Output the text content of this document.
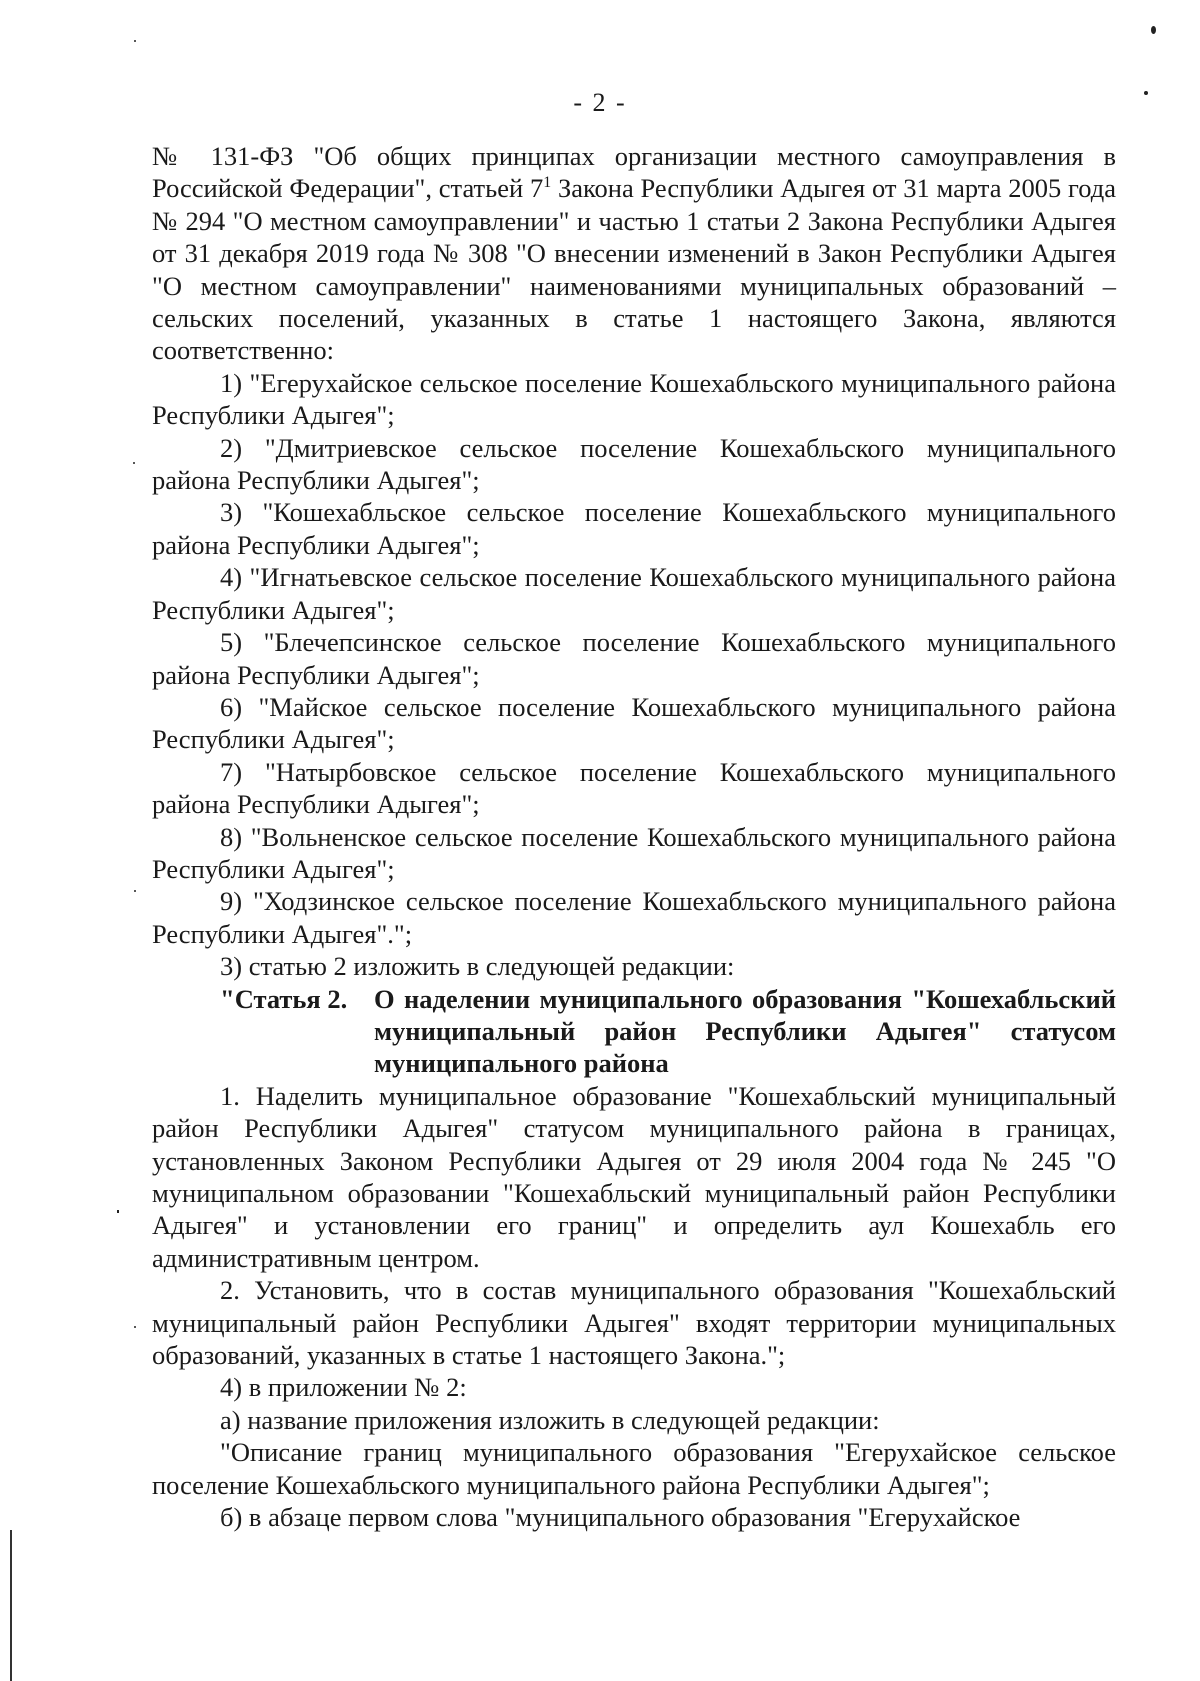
- 2 -

№ 131-ФЗ "Об общих принципах организации местного самоуправления в Российской Федерации", статьей $7^1$ Закона Республики Адыгея от 31 марта 2005 года № 294 "О местном самоуправлении" и частью 1 статьи 2 Закона Республики Адыгея от 31 декабря 2019 года № 308 "О внесении изменений в Закон Республики Адыгея "О местном самоуправлении" наименованиями муниципальных образований – сельских поселений, указанных в статье 1 настоящего Закона, являются соответственно:

1) "Егерухайское сельское поселение Кошехабльского муниципального района Республики Адыгея";

2) "Дмитриевское сельское поселение Кошехабльского муниципального района Республики Адыгея";

3) "Кошехабльское сельское поселение Кошехабльского муниципального района Республики Адыгея";

4) "Игнатьевское сельское поселение Кошехабльского муниципального района Республики Адыгея";

5) "Блечепсинское сельское поселение Кошехабльского муниципального района Республики Адыгея";

6) "Майское сельское поселение Кошехабльского муниципального района Республики Адыгея";

7) "Натырбовское сельское поселение Кошехабльского муниципального района Республики Адыгея";

8) "Вольненское сельское поселение Кошехабльского муниципального района Республики Адыгея";

9) "Ходзинское сельское поселение Кошехабльского муниципального района Республики Адыгея".";

3) статью 2 изложить в следующей редакции:

"Статья 2.	О наделении муниципального образования "Кошехабльский муниципальный район Республики Адыгея" статусом муниципального района

1. Наделить муниципальное образование "Кошехабльский муниципальный район Республики Адыгея" статусом муниципального района в границах, установленных Законом Республики Адыгея от 29 июля 2004 года № 245 "О муниципальном образовании "Кошехабльский муниципальный район Республики Адыгея" и установлении его границ" и определить аул Кошехабль его административным центром.

2. Установить, что в состав муниципального образования "Кошехабльский муниципальный район Республики Адыгея" входят территории муниципальных образований, указанных в статье 1 настоящего Закона.";

4) в приложении № 2:

а) название приложения изложить в следующей редакции:

"Описание границ муниципального образования "Егерухайское сельское поселение Кошехабльского муниципального района Республики Адыгея";

б) в абзаце первом слова "муниципального образования "Егерухайское
